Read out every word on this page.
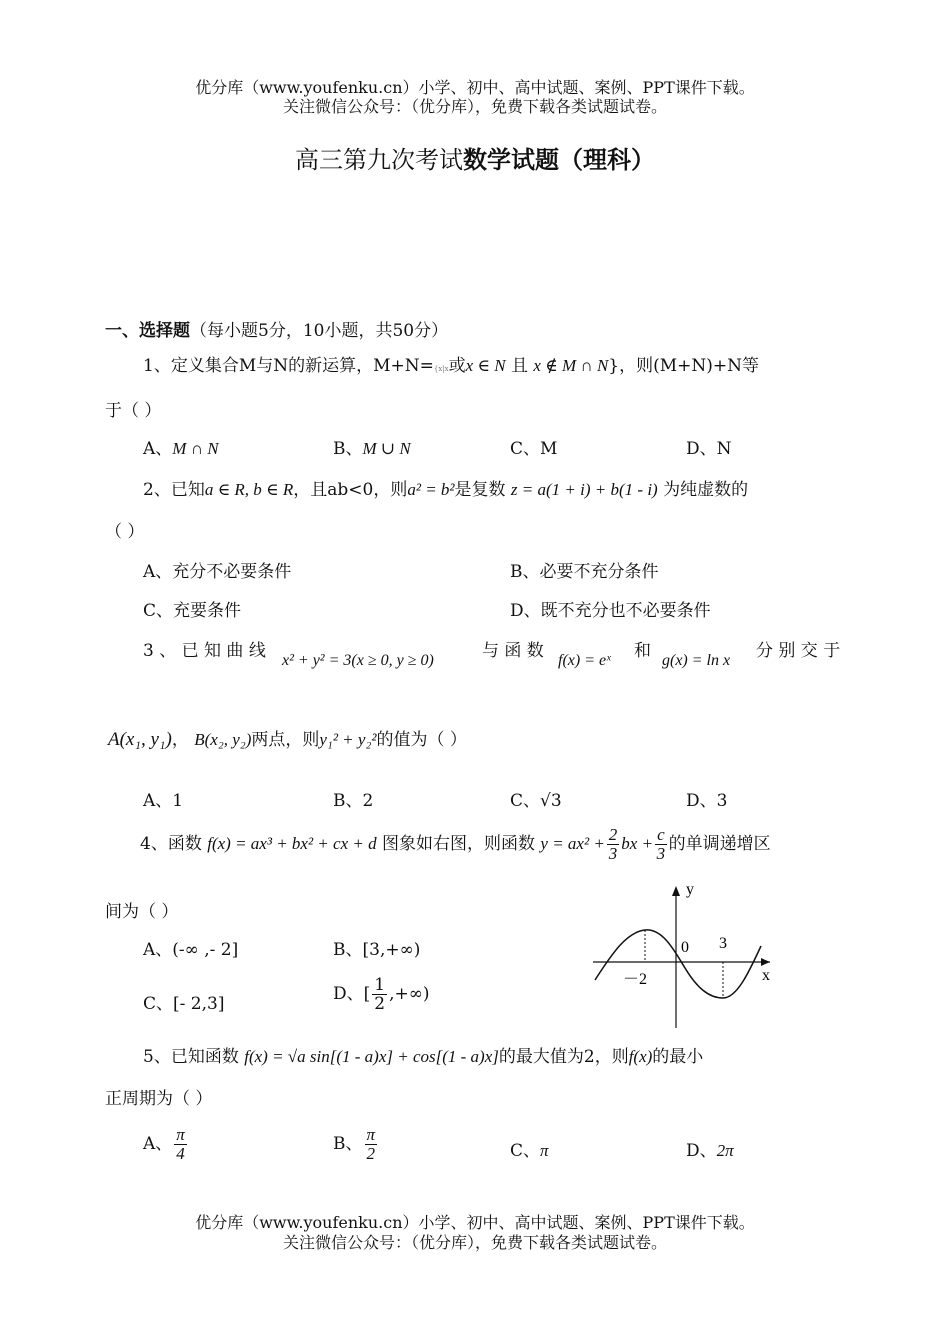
优分库（www.youfenku.cn）小学、初中、高中试题、案例、PPT课件下载。
关注微信公众号：（优分库），免费下载各类试题试卷。
高三第九次考试数学试题（理科）
一、选择题（每小题5分，10小题，共50分）
1、定义集合M与N的新运算，M+N={x|x或x ∈ N 且 x ∉ M ∩ N}，则(M+N)+N等
于（ ）
A、M ∩ N	B、M ∪ N	C、M	D、N
2、已知a ∈ R, b ∈ R，且ab<0，则a² = b²是复数 z = a(1 + i) + b(1 - i) 为纯虚数的
（ ）
A、充分不必要条件	B、必要不充分条件
C、充要条件	D、既不充分也不必要条件
3 、 已 知 曲 线 x² + y² = 3(x ≥ 0, y ≥ 0)	与 函 数 f(x) = eˣ 和 g(x) = ln x 分 别 交 于
A(x₁, y₁)， B(x₂, y₂)两点，则y₁² + y₂²的值为（ ）
A、1	B、2	C、√3	D、3
4、函数 f(x) = ax³ + bx² + cx + d 图象如右图，则函数 $y = ax^2 + \frac{2}{3}$ bx + $\frac{c}{3}$ 的单调递增区
间为（ ）
A、(-∞ ,- 2]	B、[3,+∞)
C、[- 2,3]	D、[ $\frac{1}{2}$ ,+∞)
y
x
0 3
－2
5、已知函数 f(x) = √a sin[(1 - a)x] + cos[(1 - a)x]的最大值为2，则f(x)的最小
正周期为（ ）
A、 $\frac{\pi}{4}$	B、 $\frac{\pi}{2}$	C、π	D、2π
优分库（www.youfenku.cn）小学、初中、高中试题、案例、PPT课件下载。
关注微信公众号：（优分库），免费下载各类试题试卷。
